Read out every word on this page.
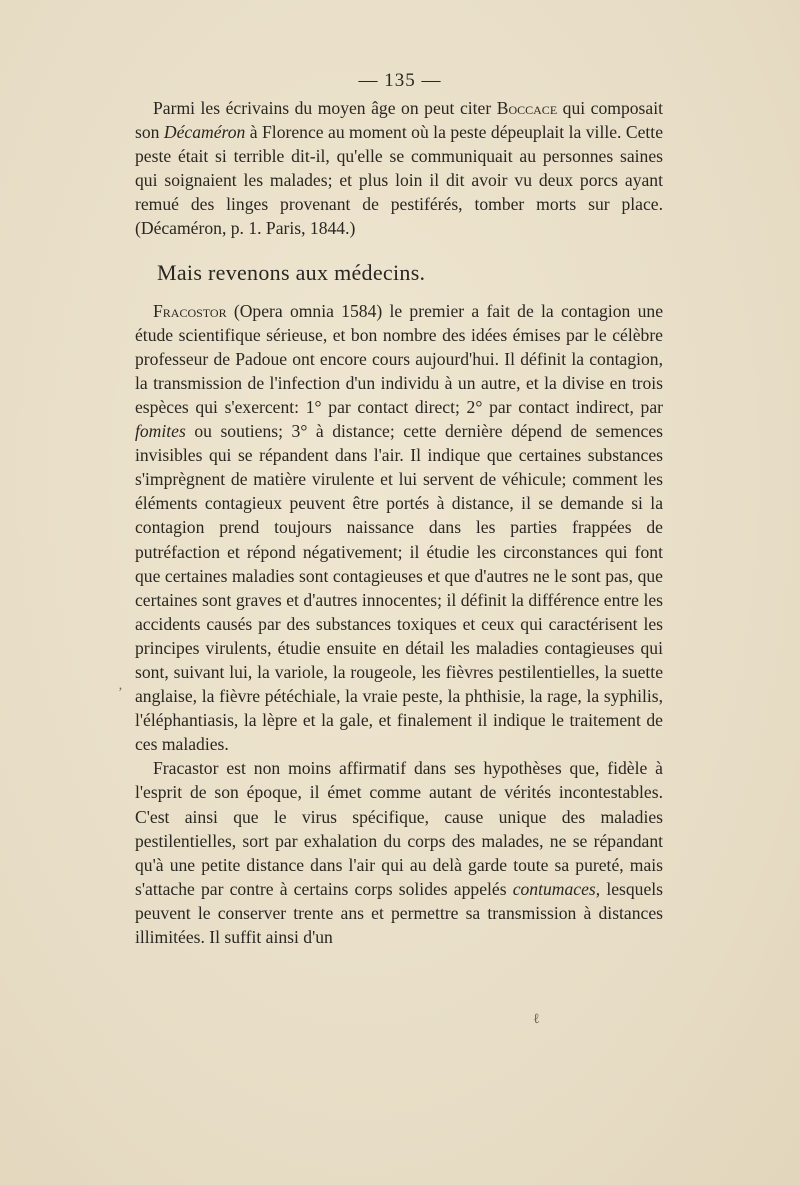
— 135 —

Parmi les écrivains du moyen âge on peut citer Boccace qui composait son Décaméron à Florence au moment où la peste dépeuplait la ville. Cette peste était si terrible dit-il, qu'elle se communiquait au personnes saines qui soignaient les malades; et plus loin il dit avoir vu deux porcs ayant remué des linges provenant de pestiférés, tomber morts sur place. (Décaméron, p. 1. Paris, 1844.)

Mais revenons aux médecins.

Fracostor (Opera omnia 1584) le premier a fait de la contagion une étude scientifique sérieuse, et bon nombre des idées émises par le célèbre professeur de Padoue ont encore cours aujourd'hui. Il définit la contagion, la transmission de l'infection d'un individu à un autre, et la divise en trois espèces qui s'exercent: 1° par contact direct; 2° par contact indirect, par fomites ou soutiens; 3° à distance; cette dernière dépend de semences invisibles qui se répandent dans l'air. Il indique que certaines substances s'imprègnent de matière virulente et lui servent de véhicule; comment les éléments contagieux peuvent être portés à distance, il se demande si la contagion prend toujours naissance dans les parties frappées de putréfaction et répond négativement; il étudie les circonstances qui font que certaines maladies sont contagieuses et que d'autres ne le sont pas, que certaines sont graves et d'autres innocentes; il définit la différence entre les accidents causés par des substances toxiques et ceux qui caractérisent les principes virulents, étudie ensuite en détail les maladies contagieuses qui sont, suivant lui, la variole, la rougeole, les fièvres pestilentielles, la suette anglaise, la fièvre pétéchiale, la vraie peste, la phthisie, la rage, la syphilis, l'éléphantiasis, la lèpre et la gale, et finalement il indique le traitement de ces maladies.

Fracastor est non moins affirmatif dans ses hypothèses que, fidèle à l'esprit de son époque, il émet comme autant de vérités incontestables. C'est ainsi que le virus spécifique, cause unique des maladies pestilentielles, sort par exhalation du corps des malades, ne se répandant qu'à une petite distance dans l'air qui au delà garde toute sa pureté, mais s'attache par contre à certains corps solides appelés contumaces, lesquels peuvent le conserver trente ans et permettre sa transmission à distances illimitées. Il suffit ainsi d'un

‚
ℓ
